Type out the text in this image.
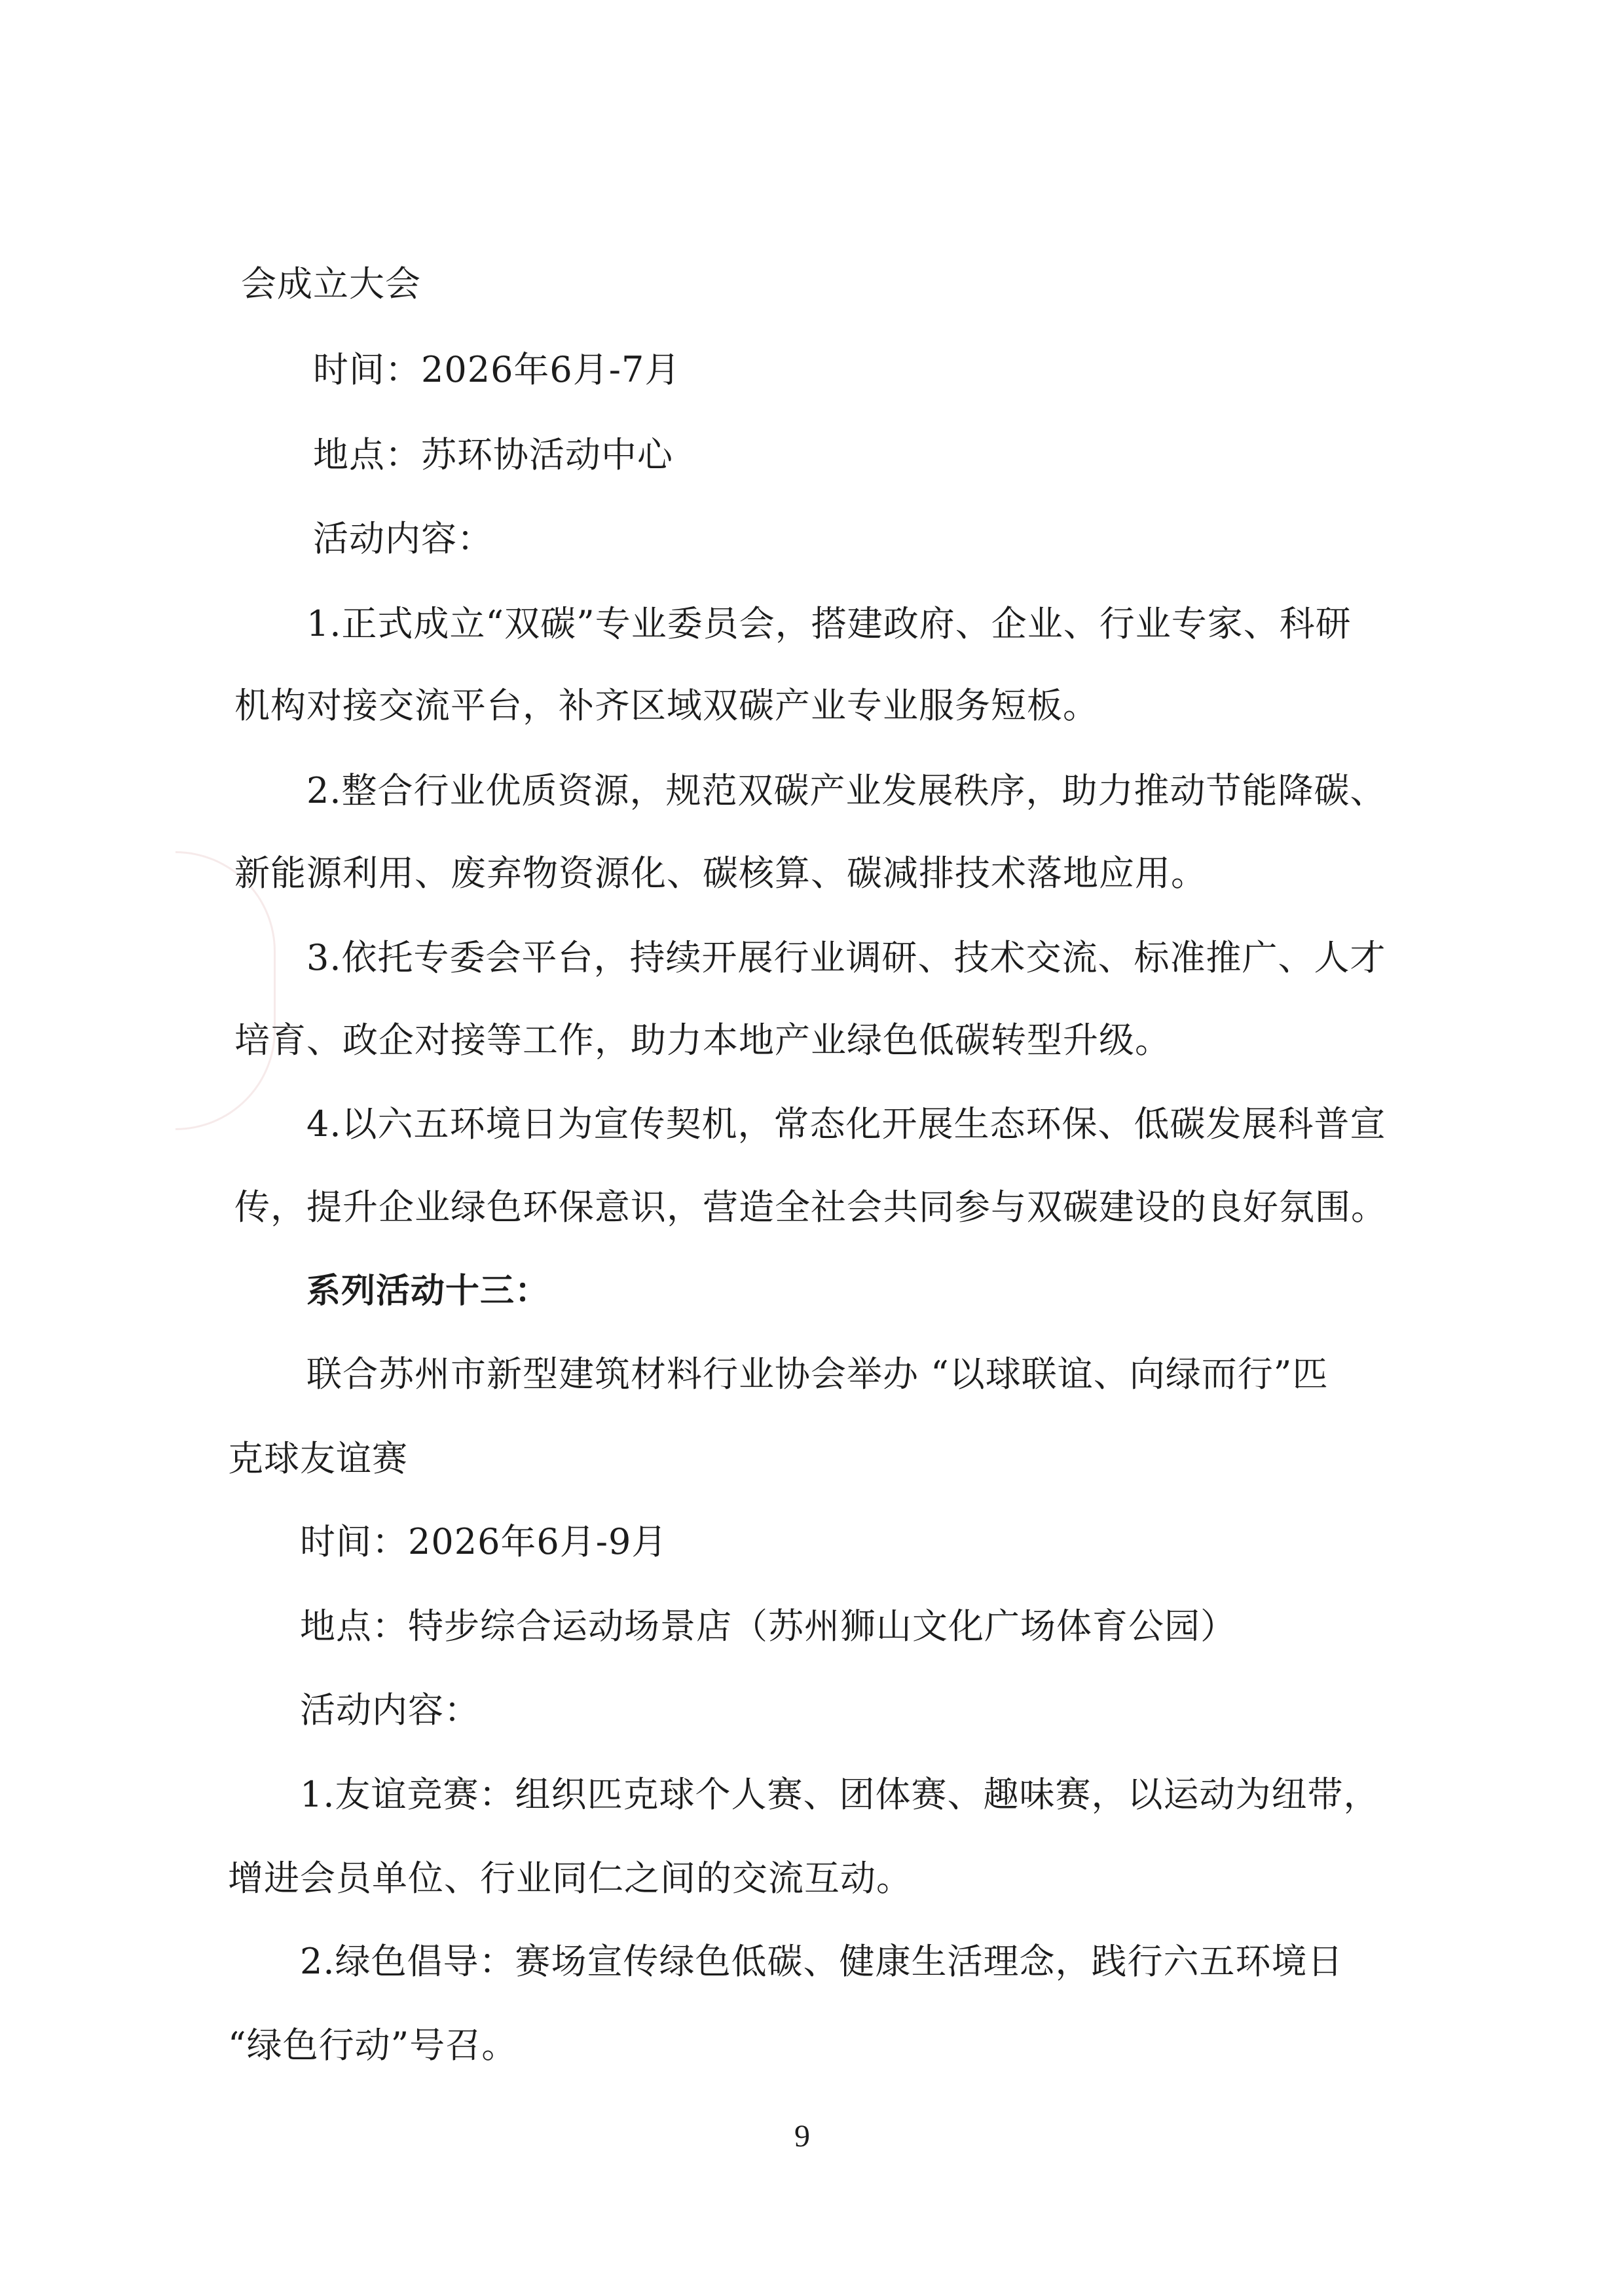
会成立大会

时间：2026年6月-7月

地点：苏环协活动中心

活动内容：

1.正式成立“双碳”专业委员会，搭建政府、企业、行业专家、科研

机构对接交流平台，补齐区域双碳产业专业服务短板。

2.整合行业优质资源，规范双碳产业发展秩序，助力推动节能降碳、

新能源利用、废弃物资源化、碳核算、碳减排技术落地应用。

3.依托专委会平台，持续开展行业调研、技术交流、标准推广、人才

培育、政企对接等工作，助力本地产业绿色低碳转型升级。

4.以六五环境日为宣传契机，常态化开展生态环保、低碳发展科普宣

传，提升企业绿色环保意识，营造全社会共同参与双碳建设的良好氛围。

系列活动十三：

联合苏州市新型建筑材料行业协会举办 “以球联谊、向绿而行”匹

克球友谊赛

时间：2026年6月-9月

地点：特步综合运动场景店（苏州狮山文化广场体育公园）

活动内容：

1.友谊竞赛：组织匹克球个人赛、团体赛、趣味赛，以运动为纽带，

增进会员单位、行业同仁之间的交流互动。

2.绿色倡导：赛场宣传绿色低碳、健康生活理念，践行六五环境日

“绿色行动”号召。

9
